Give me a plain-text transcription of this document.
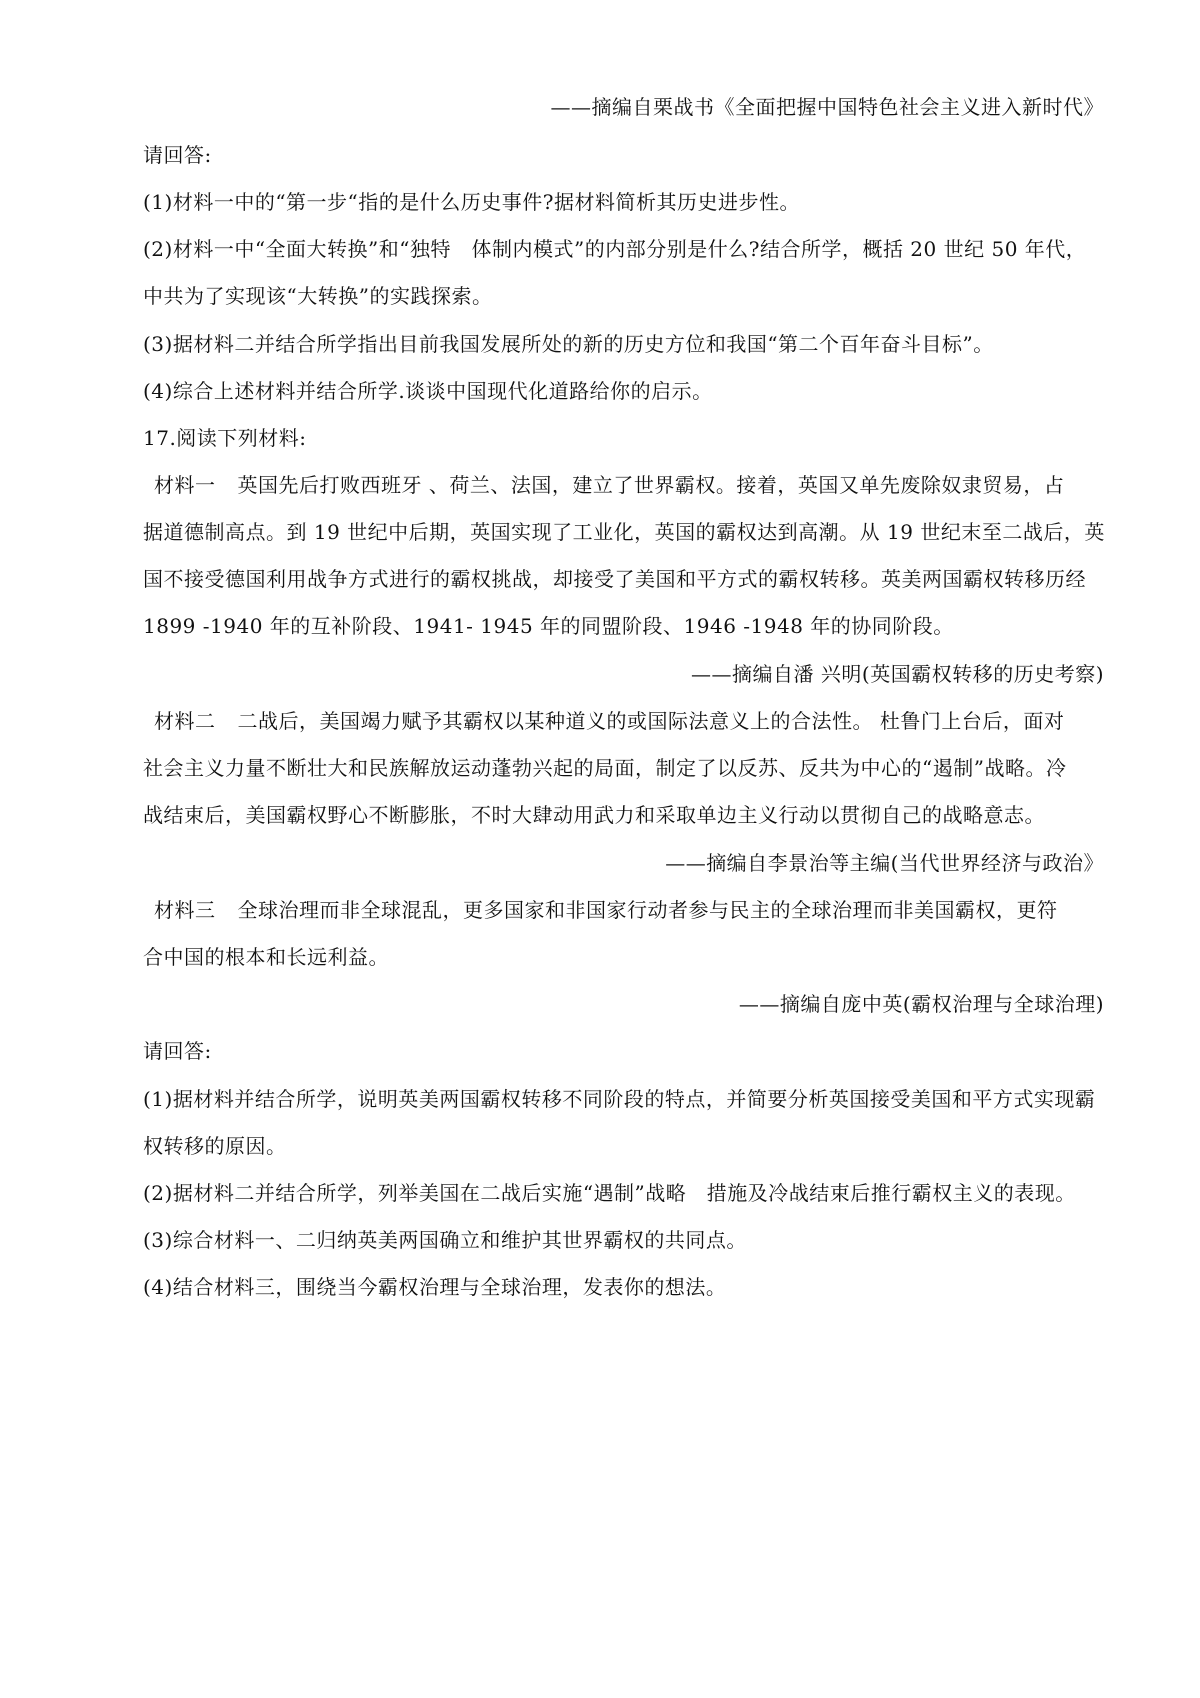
——摘编自栗战书《全面把握中国特色社会主义进入新时代》
请回答:
(1)材料一中的“第一步“指的是什么历史事件?据材料简析其历史进步性。
(2)材料一中“全面大转换”和“独特　体制内模式”的内部分别是什么?结合所学，概括 20 世纪 50 年代，
中共为了实现该“大转换”的实践探索。
(3)据材料二并结合所学指出目前我国发展所处的新的历史方位和我国“第二个百年奋斗目标”。
(4)综合上述材料并结合所学.谈谈中国现代化道路给你的启示。
17.阅读下列材料:
材料一 英国先后打败西班牙 、荷兰、法国，建立了世界霸权。接着，英国又单先废除奴隶贸易，占
据道德制高点。到 19 世纪中后期，英国实现了工业化，英国的霸权达到高潮。从 19 世纪末至二战后，英
国不接受德国利用战争方式进行的霸权挑战，却接受了美国和平方式的霸权转移。英美两国霸权转移历经
1899 -1940 年的互补阶段、1941- 1945 年的同盟阶段、1946 -1948 年的协同阶段。
——摘编自潘 兴明(英国霸权转移的历史考察)
材料二 二战后，美国竭力赋予其霸权以某种道义的或国际法意义上的合法性。 杜鲁门上台后，面对
社会主义力量不断壮大和民族解放运动蓬勃兴起的局面，制定了以反苏、反共为中心的“遏制”战略。冷
战结束后，美国霸权野心不断膨胀，不时大肆动用武力和采取单边主义行动以贯彻自己的战略意志。
——摘编自李景治等主编(当代世界经济与政治》
材料三 全球治理而非全球混乱，更多国家和非国家行动者参与民主的全球治理而非美国霸权，更符
合中国的根本和长远利益。
——摘编自庞中英(霸权治理与全球治理)
请回答:
(1)据材料并结合所学，说明英美两国霸权转移不同阶段的特点，并简要分析英国接受美国和平方式实现霸
权转移的原因。
(2)据材料二并结合所学，列举美国在二战后实施“遇制”战略　措施及冷战结束后推行霸权主义的表现。
(3)综合材料一、二归纳英美两国确立和维护其世界霸权的共同点。
(4)结合材料三，围绕当今霸权治理与全球治理，发表你的想法。
